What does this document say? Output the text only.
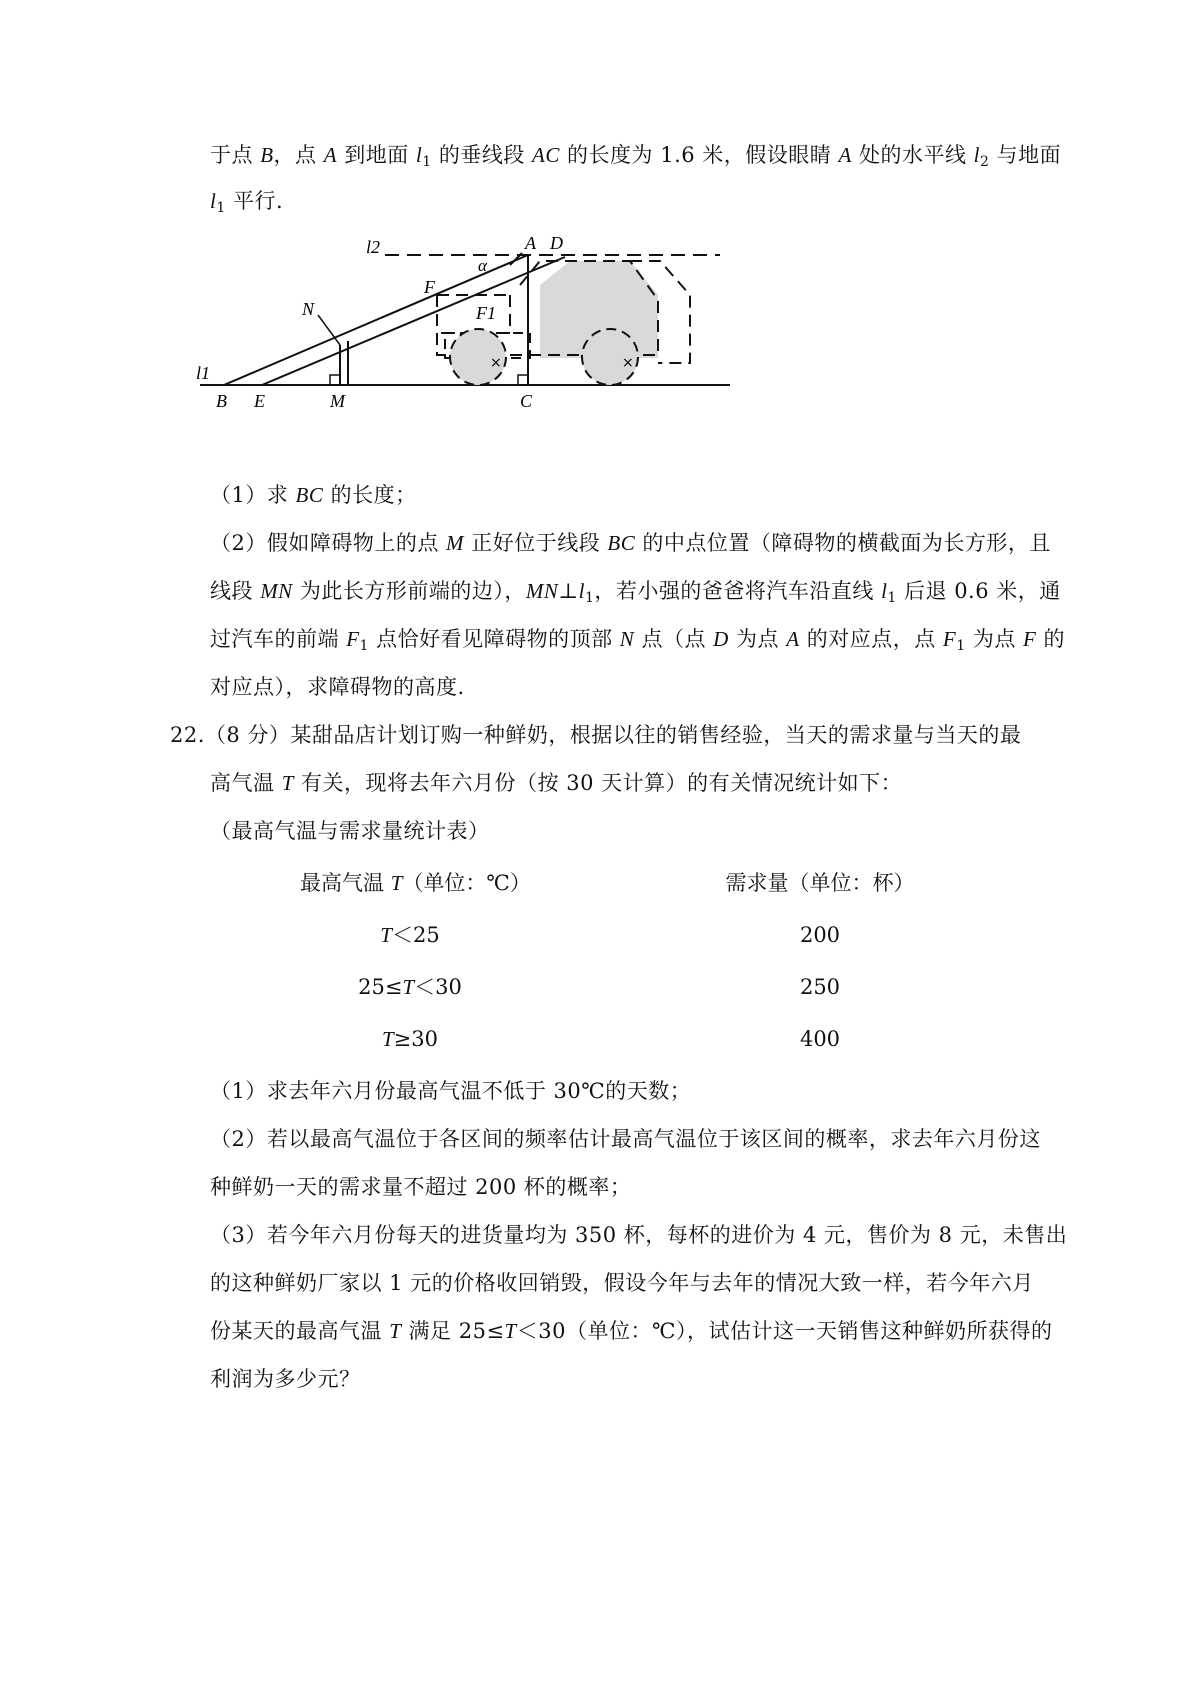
于点 B，点 A 到地面 $l_1$ 的垂线段 AC 的长度为 1.6 米，假设眼睛 A 处的水平线 $l_2$ 与地面
$l_1$ 平行.
×	×
l2	A D
α
F
F1
N
l1
B E	M	C
（1）求 BC 的长度；
（2）假如障碍物上的点 M 正好位于线段 BC 的中点位置（障碍物的横截面为长方形，且
线段 MN 为此长方形前端的边），$MN\perp l_1$，若小强的爸爸将汽车沿直线 $l_1$ 后退 0.6 米，通
过汽车的前端 $F_1$ 点恰好看见障碍物的顶部 N 点（点 D 为点 A 的对应点，点 $F_1$ 为点 F 的
对应点），求障碍物的高度.
22.（8 分）某甜品店计划订购一种鲜奶，根据以往的销售经验，当天的需求量与当天的最
高气温 T 有关，现将去年六月份（按 30 天计算）的有关情况统计如下：
（最高气温与需求量统计表）
最高气温 T（单位：℃）	需求量（单位：杯）
T＜25	200
25≤T＜30	250
T≥30	400
（1）求去年六月份最高气温不低于 30℃的天数；
（2）若以最高气温位于各区间的频率估计最高气温位于该区间的概率，求去年六月份这
种鲜奶一天的需求量不超过 200 杯的概率；
（3）若今年六月份每天的进货量均为 350 杯，每杯的进价为 4 元，售价为 8 元，未售出
的这种鲜奶厂家以 1 元的价格收回销毁，假设今年与去年的情况大致一样，若今年六月
份某天的最高气温 T 满足 25≤T＜30（单位：℃），试估计这一天销售这种鲜奶所获得的
利润为多少元？
